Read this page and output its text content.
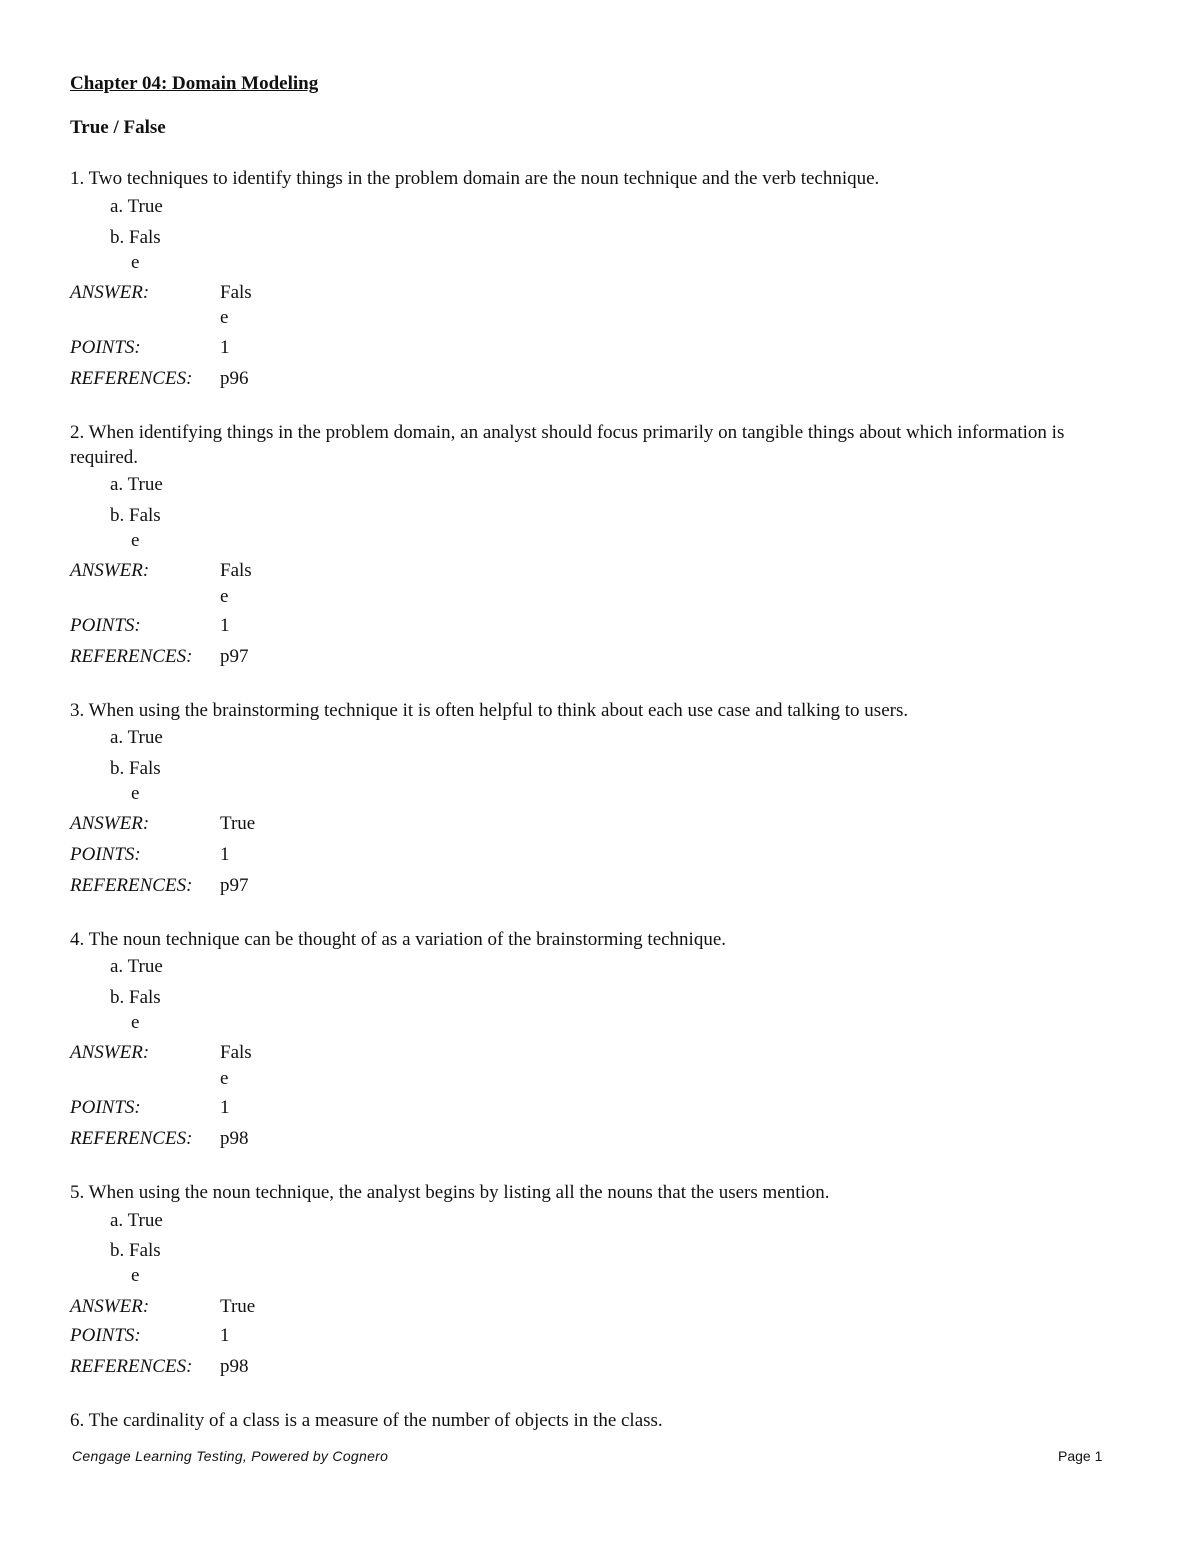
Chapter 04: Domain Modeling
True / False

1. Two techniques to identify things in the problem domain are the noun technique and the verb technique.

a. True
b. Fals
e
ANSWER:	Fals
e
POINTS:	1
REFERENCES: p96

2. When identifying things in the problem domain, an analyst should focus primarily on tangible things about which information is required.

a. True
b. Fals
e
ANSWER:	Fals
e
POINTS:	1
REFERENCES: p97

3. When using the brainstorming technique it is often helpful to think about each use case and talking to users.

a. True
b. Fals
e
ANSWER:	True
POINTS:	1
REFERENCES: p97

4. The noun technique can be thought of as a variation of the brainstorming technique.

a. True
b. Fals
e
ANSWER:	Fals
e
POINTS:	1
REFERENCES: p98

5. When using the noun technique, the analyst begins by listing all the nouns that the users mention.

a. True
b. Fals
e
ANSWER:	True
POINTS:	1
REFERENCES: p98

6. The cardinality of a class is a measure of the number of objects in the class.

Cengage Learning Testing, Powered by Cognero	Page 1
